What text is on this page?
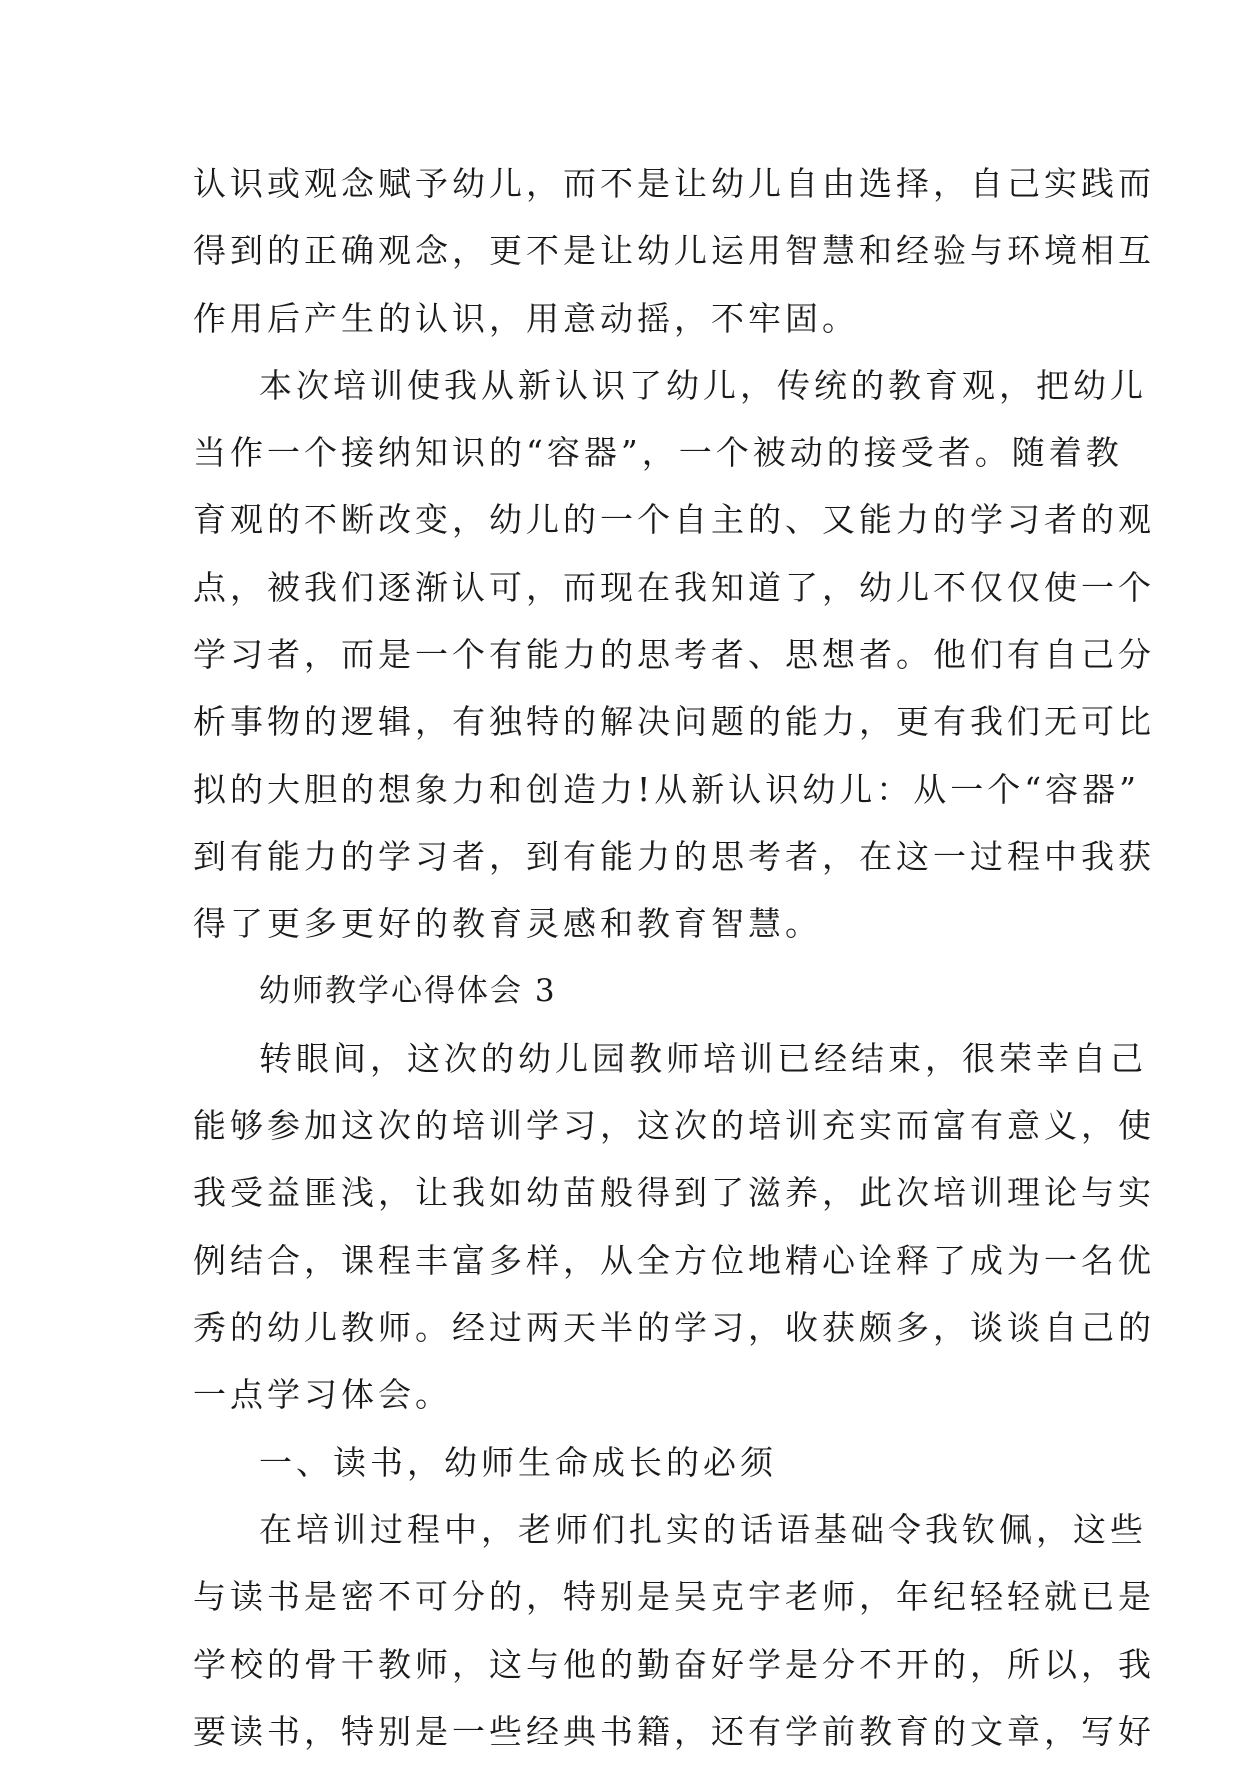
认识或观念赋予幼儿，而不是让幼儿自由选择，自己实践而
得到的正确观念，更不是让幼儿运用智慧和经验与环境相互
作用后产生的认识，用意动摇，不牢固。
本次培训使我从新认识了幼儿，传统的教育观，把幼儿
当作一个接纳知识的“容器”，一个被动的接受者。随着教
育观的不断改变，幼儿的一个自主的、又能力的学习者的观
点，被我们逐渐认可，而现在我知道了，幼儿不仅仅使一个
学习者，而是一个有能力的思考者、思想者。他们有自己分
析事物的逻辑，有独特的解决问题的能力，更有我们无可比
拟的大胆的想象力和创造力!从新认识幼儿：从一个“容器”
到有能力的学习者，到有能力的思考者，在这一过程中我获
得了更多更好的教育灵感和教育智慧。
幼师教学心得体会 3
转眼间，这次的幼儿园教师培训已经结束，很荣幸自己
能够参加这次的培训学习，这次的培训充实而富有意义，使
我受益匪浅，让我如幼苗般得到了滋养，此次培训理论与实
例结合，课程丰富多样，从全方位地精心诠释了成为一名优
秀的幼儿教师。经过两天半的学习，收获颇多，谈谈自己的
一点学习体会。
一、读书，幼师生命成长的必须
在培训过程中，老师们扎实的话语基础令我钦佩，这些
与读书是密不可分的，特别是吴克宇老师，年纪轻轻就已是
学校的骨干教师，这与他的勤奋好学是分不开的，所以，我
要读书，特别是一些经典书籍，还有学前教育的文章，写好
